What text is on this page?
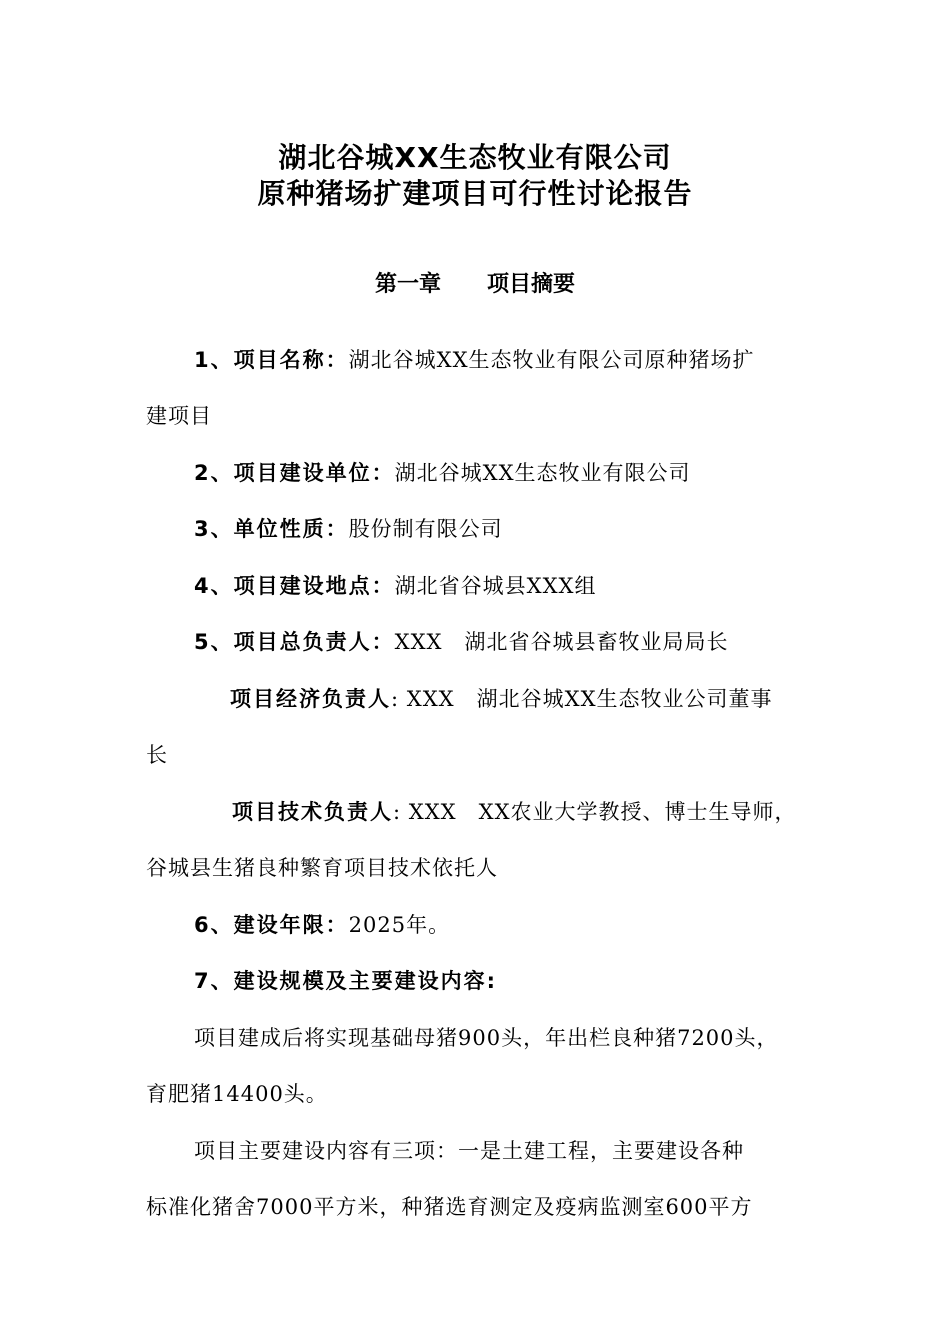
湖北谷城XX生态牧业有限公司
原种猪场扩建项目可行性讨论报告
第一章 项目摘要
1、项目名称：湖北谷城XX生态牧业有限公司原种猪场扩
建项目
2、项目建设单位：湖北谷城XX生态牧业有限公司
3、单位性质：股份制有限公司
4、项目建设地点：湖北省谷城县XXX组
5、项目总负责人：XXX 湖北省谷城县畜牧业局局长
项目经济负责人: XXX 湖北谷城XX生态牧业公司董事
长
项目技术负责人: XXX XX农业大学教授、博士生导师，
谷城县生猪良种繁育项目技术依托人
6、建设年限：2025年。
7、建设规模及主要建设内容:
项目建成后将实现基础母猪900头，年出栏良种猪7200头，
育肥猪14400头。
项目主要建设内容有三项：一是土建工程，主要建设各种
标准化猪舍7000平方米，种猪选育测定及疫病监测室600平方
